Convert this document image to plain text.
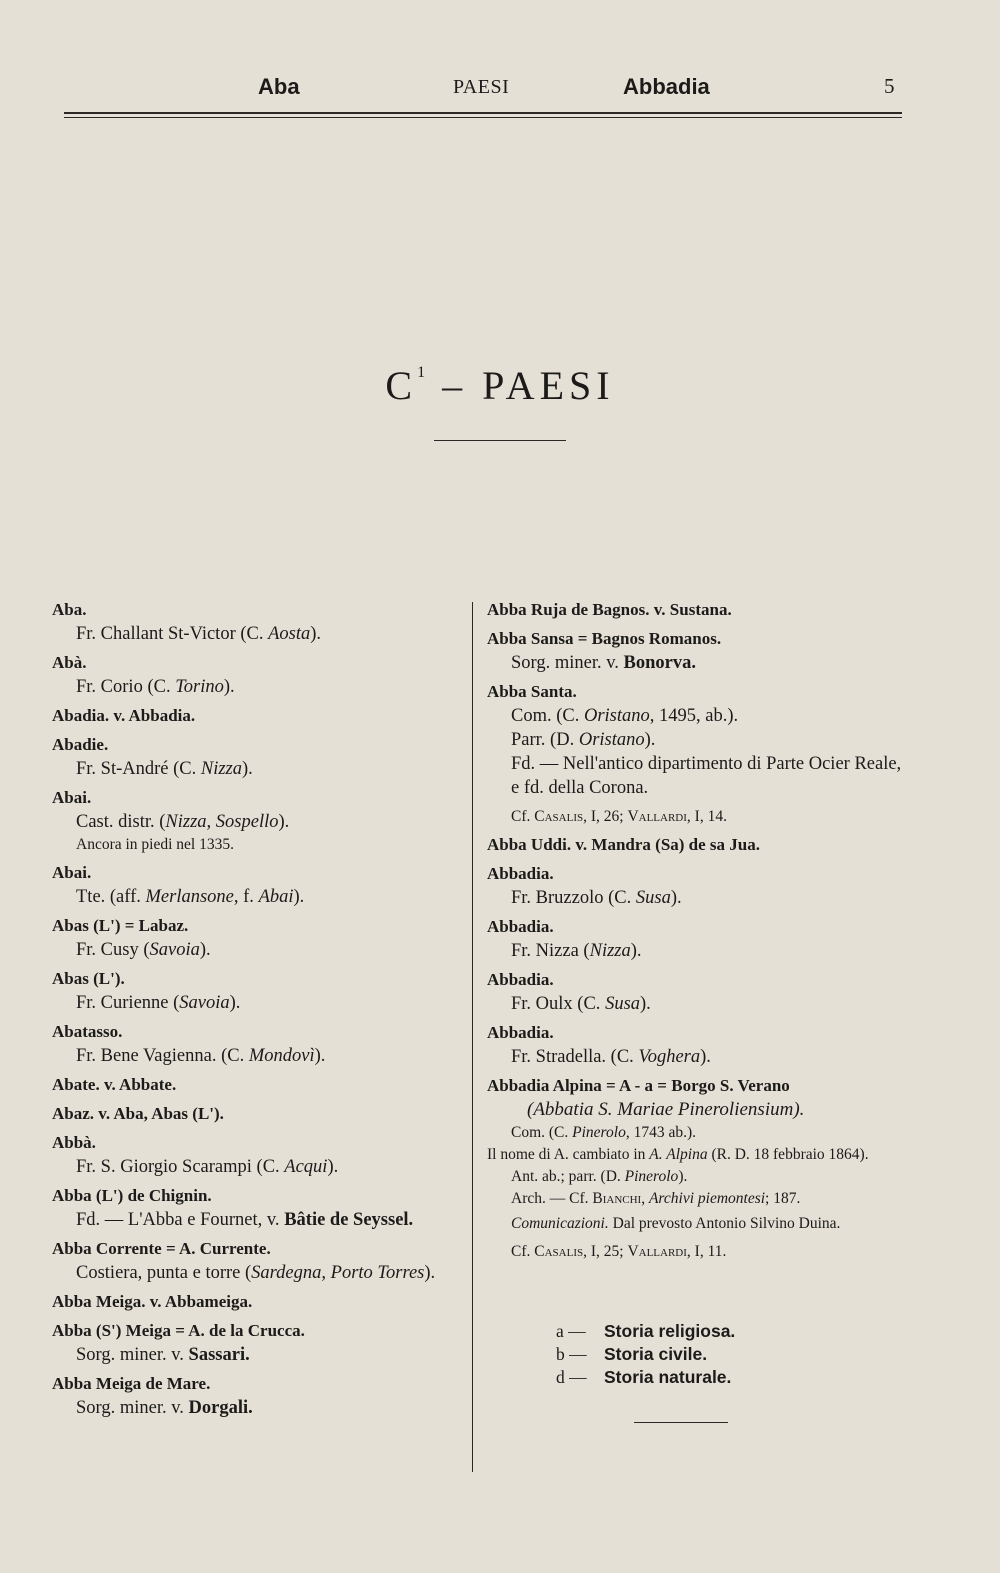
Aba	PAESI	Abbadia	5
$C^1$ – PAESI
Aba.
Fr. Challant St-Victor (C. Aosta).
Abà.
Fr. Corio (C. Torino).
Abadia. v. Abbadia.
Abadie.
Fr. St-André (C. Nizza).
Abai.
Cast. distr. (Nizza, Sospello).
Ancora in piedi nel 1335.
Abai.
Tte. (aff. Merlansone, f. Abai).
Abas (L') = Labaz.
Fr. Cusy (Savoia).
Abas (L').
Fr. Curienne (Savoia).
Abatasso.
Fr. Bene Vagienna. (C. Mondovì).
Abate. v. Abbate.
Abaz. v. Aba, Abas (L').
Abbà.
Fr. S. Giorgio Scarampi (C. Acqui).
Abba (L') de Chignin.
Fd. — L'Abba e Fournet, v. Bâtie de Seyssel.
Abba Corrente = A. Currente.
Costiera, punta e torre (Sardegna, Porto Torres).
Abba Meiga. v. Abbameiga.
Abba (S') Meiga = A. de la Crucca.
Sorg. miner. v. Sassari.
Abba Meiga de Mare.
Sorg. miner. v. Dorgali.
Abba Ruja de Bagnos. v. Sustana.
Abba Sansa = Bagnos Romanos.
Sorg. miner. v. Bonorva.
Abba Santa.
Com. (C. Oristano, 1495, ab.).
Parr. (D. Oristano).
Fd. — Nell'antico dipartimento di Parte Ocier Reale, e fd. della Corona.
Cf. Casalis, I, 26; Vallardi, I, 14.
Abba Uddi. v. Mandra (Sa) de sa Jua.
Abbadia.
Fr. Bruzzolo (C. Susa).
Abbadia.
Fr. Nizza (Nizza).
Abbadia.
Fr. Oulx (C. Susa).
Abbadia.
Fr. Stradella. (C. Voghera).
Abbadia Alpina = A - a = Borgo S. Verano
(Abbatia S. Mariae Pineroliensium).
Com. (C. Pinerolo, 1743 ab.).
Il nome di A. cambiato in A. Alpina (R. D. 18 febbraio 1864).
Ant. ab.; parr. (D. Pinerolo).
Arch. — Cf. Bianchi, Archivi piemontesi; 187.
Comunicazioni. Dal prevosto Antonio Silvino Duina.
Cf. Casalis, I, 25; Vallardi, I, 11.
a — Storia religiosa.
b — Storia civile.
d — Storia naturale.
